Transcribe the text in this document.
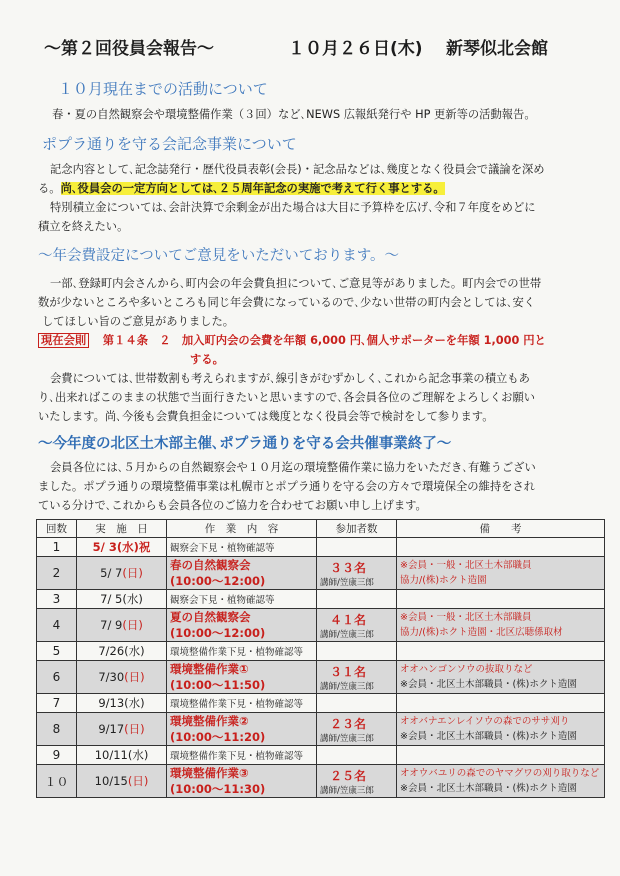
～第２回役員会報告～	１０月２６日(木)	新琴似北会館
１０月現在までの活動について
春・夏の自然観察会や環境整備作業（３回）など､NEWS 広報紙発行や HP 更新等の活動報告。
ポプラ通りを守る会記念事業について
記念内容として､記念誌発行・歴代役員表彰(会長)・記念品などは､幾度となく役員会で議論を深め
る。尚､役員会の一定方向としては､２５周年記念の実施で考えて行く事とする。
特別積立金については､会計決算で余剰金が出た場合は大目に予算枠を広げ､令和７年度をめどに
積立を終えたい。
～年会費設定についてご意見をいただいております。～
一部､登録町内会さんから､町内会の年会費負担について､ご意見等がありました。町内会での世帯
数が少ないところや多いところも同じ年会費になっているので､少ない世帯の町内会としては､安く
してほしい旨のご意見がありました。
現在会則 第１４条　２　加入町内会の会費を年額 6,000 円､個人サポーターを年額 1,000 円と
する。
会費については､世帯数割も考えられますが､線引きがむずかしく､これから記念事業の積立もあ
り､出来ればこのままの状態で当面行きたいと思いますので､各会員各位のご理解をよろしくお願い
いたします。尚､今後も会費負担金については幾度となく役員会等で検討をして参ります。
～今年度の北区土木部主催､ポプラ通りを守る会共催事業終了～
会員各位には､５月からの自然観察会や１０月迄の環境整備作業に協力をいただき､有難うござい
ました。ポプラ通りの環境整備事業は札幌市とポプラ通りを守る会の方々で環境保全の維持をされ
ている分けで､これからも会員各位のご協力を合わせてお願い申し上げます。
回数	実　施　日	作　業　内　容	参加者数	備　　考
1	5/ 3(水)祝	観察会下見・植物確認等		
2	5/ 7(日)	春の自然観察会
(10:00～12:00)	３３名
講師/笠康三郎	※会員・一般・北区土木部職員
協力/(株)ホクト造園

3	7/ 5(水)	観察会下見・植物確認等		
4	7/ 9(日)	夏の自然観察会
(10:00～12:00)	４１名
講師/笠康三郎	※会員・一般・北区土木部職員
協力/(株)ホクト造園・北区広聴係取材

5	7/26(水)	環境整備作業下見・植物確認等		
6	7/30(日)	環境整備作業①
(10:00～11:50)	３１名
講師/笠康三郎	オオハンゴンソウの抜取りなど
※会員・北区土木部職員・(株)ホクト造園

7	9/13(水)	環境整備作業下見・植物確認等		
8	9/17(日)	環境整備作業②
(10:00～11:20)	２３名
講師/笠康三郎	オオバナエンレイソウの森でのササ刈り
※会員・北区土木部職員・(株)ホクト造園

9	10/11(水)	環境整備作業下見・植物確認等		
１０	10/15(日)	環境整備作業③
(10:00～11:30)	２５名
講師/笠康三郎	オオウバユリの森でのヤマグワの刈り取りなど
※会員・北区土木部職員・(株)ホクト造園
